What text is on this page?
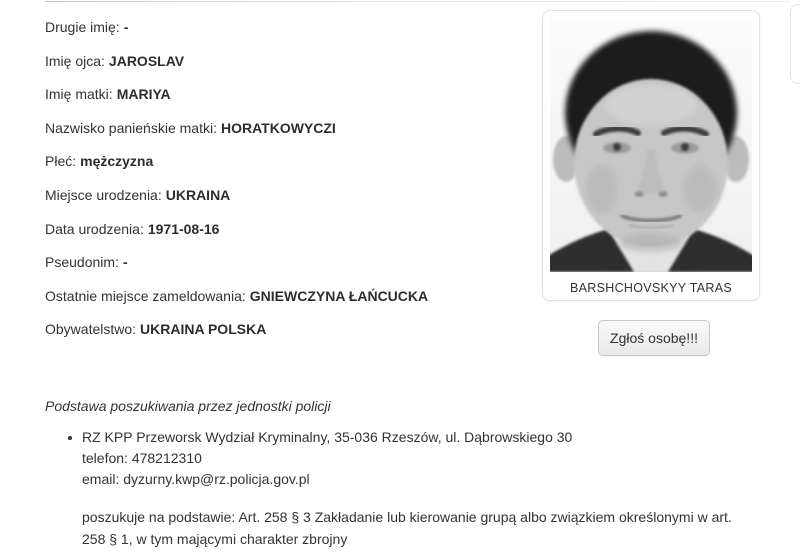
Drugie imię: -
Imię ojca: JAROSLAV
Imię matki: MARIYA
Nazwisko panieńskie matki: HORATKOWYCZI
Płeć: mężczyzna
Miejsce urodzenia: UKRAINA
Data urodzenia: 1971-08-16
Pseudonim: -
Ostatnie miejsce zameldowania: GNIEWCZYNA ŁAŃCUCKA
Obywatelstwo: UKRAINA POLSKA
BARSHCHOVSKYY TARAS
Zgłoś osobę!!!
Podstawa poszukiwania przez jednostki policji
RZ KPP Przeworsk Wydział Kryminalny, 35-036 Rzeszów, ul. Dąbrowskiego 30
telefon: 478212310
email: dyzurny.kwp@rz.policja.gov.pl
poszukuje na podstawie: Art. 258 § 3 Zakładanie lub kierowanie grupą albo związkiem określonymi w art.
258 § 1, w tym mającymi charakter zbrojny
